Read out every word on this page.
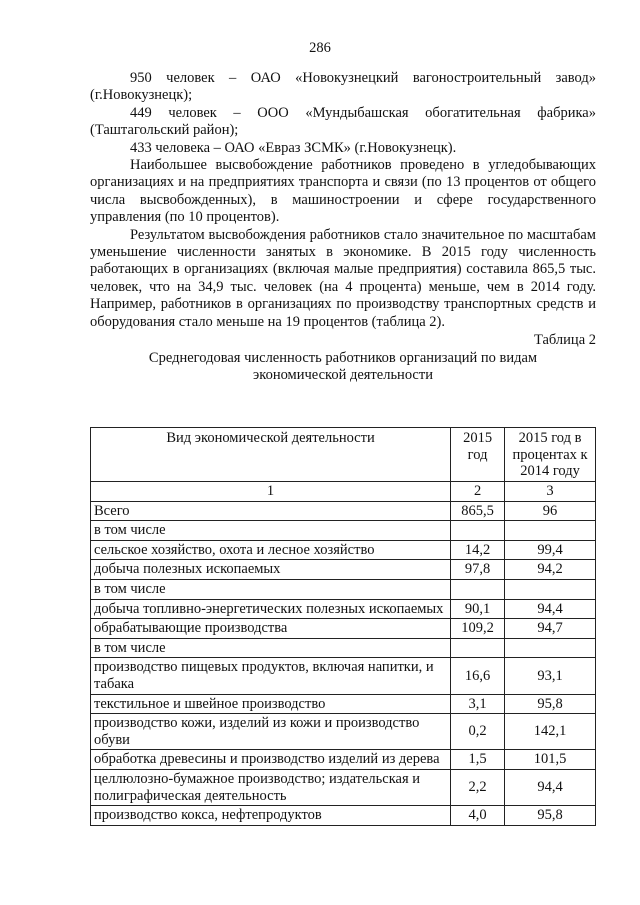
286

950 человек – ОАО «Новокузнецкий вагоностроительный завод» (г.Новокузнецк);

449 человек – ООО «Мундыбашская обогатительная фабрика» (Таштагольский район);

433 человека – ОАО «Евраз ЗСМК» (г.Новокузнецк).

Наибольшее высвобождение работников проведено в угледобывающих организациях и на предприятиях транспорта и связи (по 13 процентов от общего числа высвобожденных), в машиностроении и сфере государственного управления (по 10 процентов).

Результатом высвобождения работников стало значительное по масштабам уменьшение численности занятых в экономике. В 2015 году численность работающих в организациях (включая малые предприятия) составила 865,5 тыс. человек, что на 34,9 тыс. человек (на 4 процента) меньше, чем в 2014 году. Например, работников в организациях по производству транспортных средств и оборудования стало меньше на 19 процентов (таблица 2).

Таблица 2
Среднегодовая численность работников организаций по видам
экономической деятельности
Вид экономической деятельности	2015 год	2015 год в процентах к 2014 году
1	2	3
Всего	865,5	96
в том числе		
сельское хозяйство, охота и лесное хозяйство	14,2	99,4
добыча полезных ископаемых	97,8	94,2
в том числе		
добыча топливно-энергетических полезных ископаемых	90,1	94,4
обрабатывающие производства	109,2	94,7
в том числе		
производство пищевых продуктов, включая напитки, и табака	16,6	93,1
текстильное и швейное производство	3,1	95,8
производство кожи, изделий из кожи и производство обуви	0,2	142,1
обработка древесины и производство изделий из дерева	1,5	101,5
целлюлозно-бумажное производство; издательская и полиграфическая деятельность	2,2	94,4
производство кокса, нефтепродуктов	4,0	95,8
